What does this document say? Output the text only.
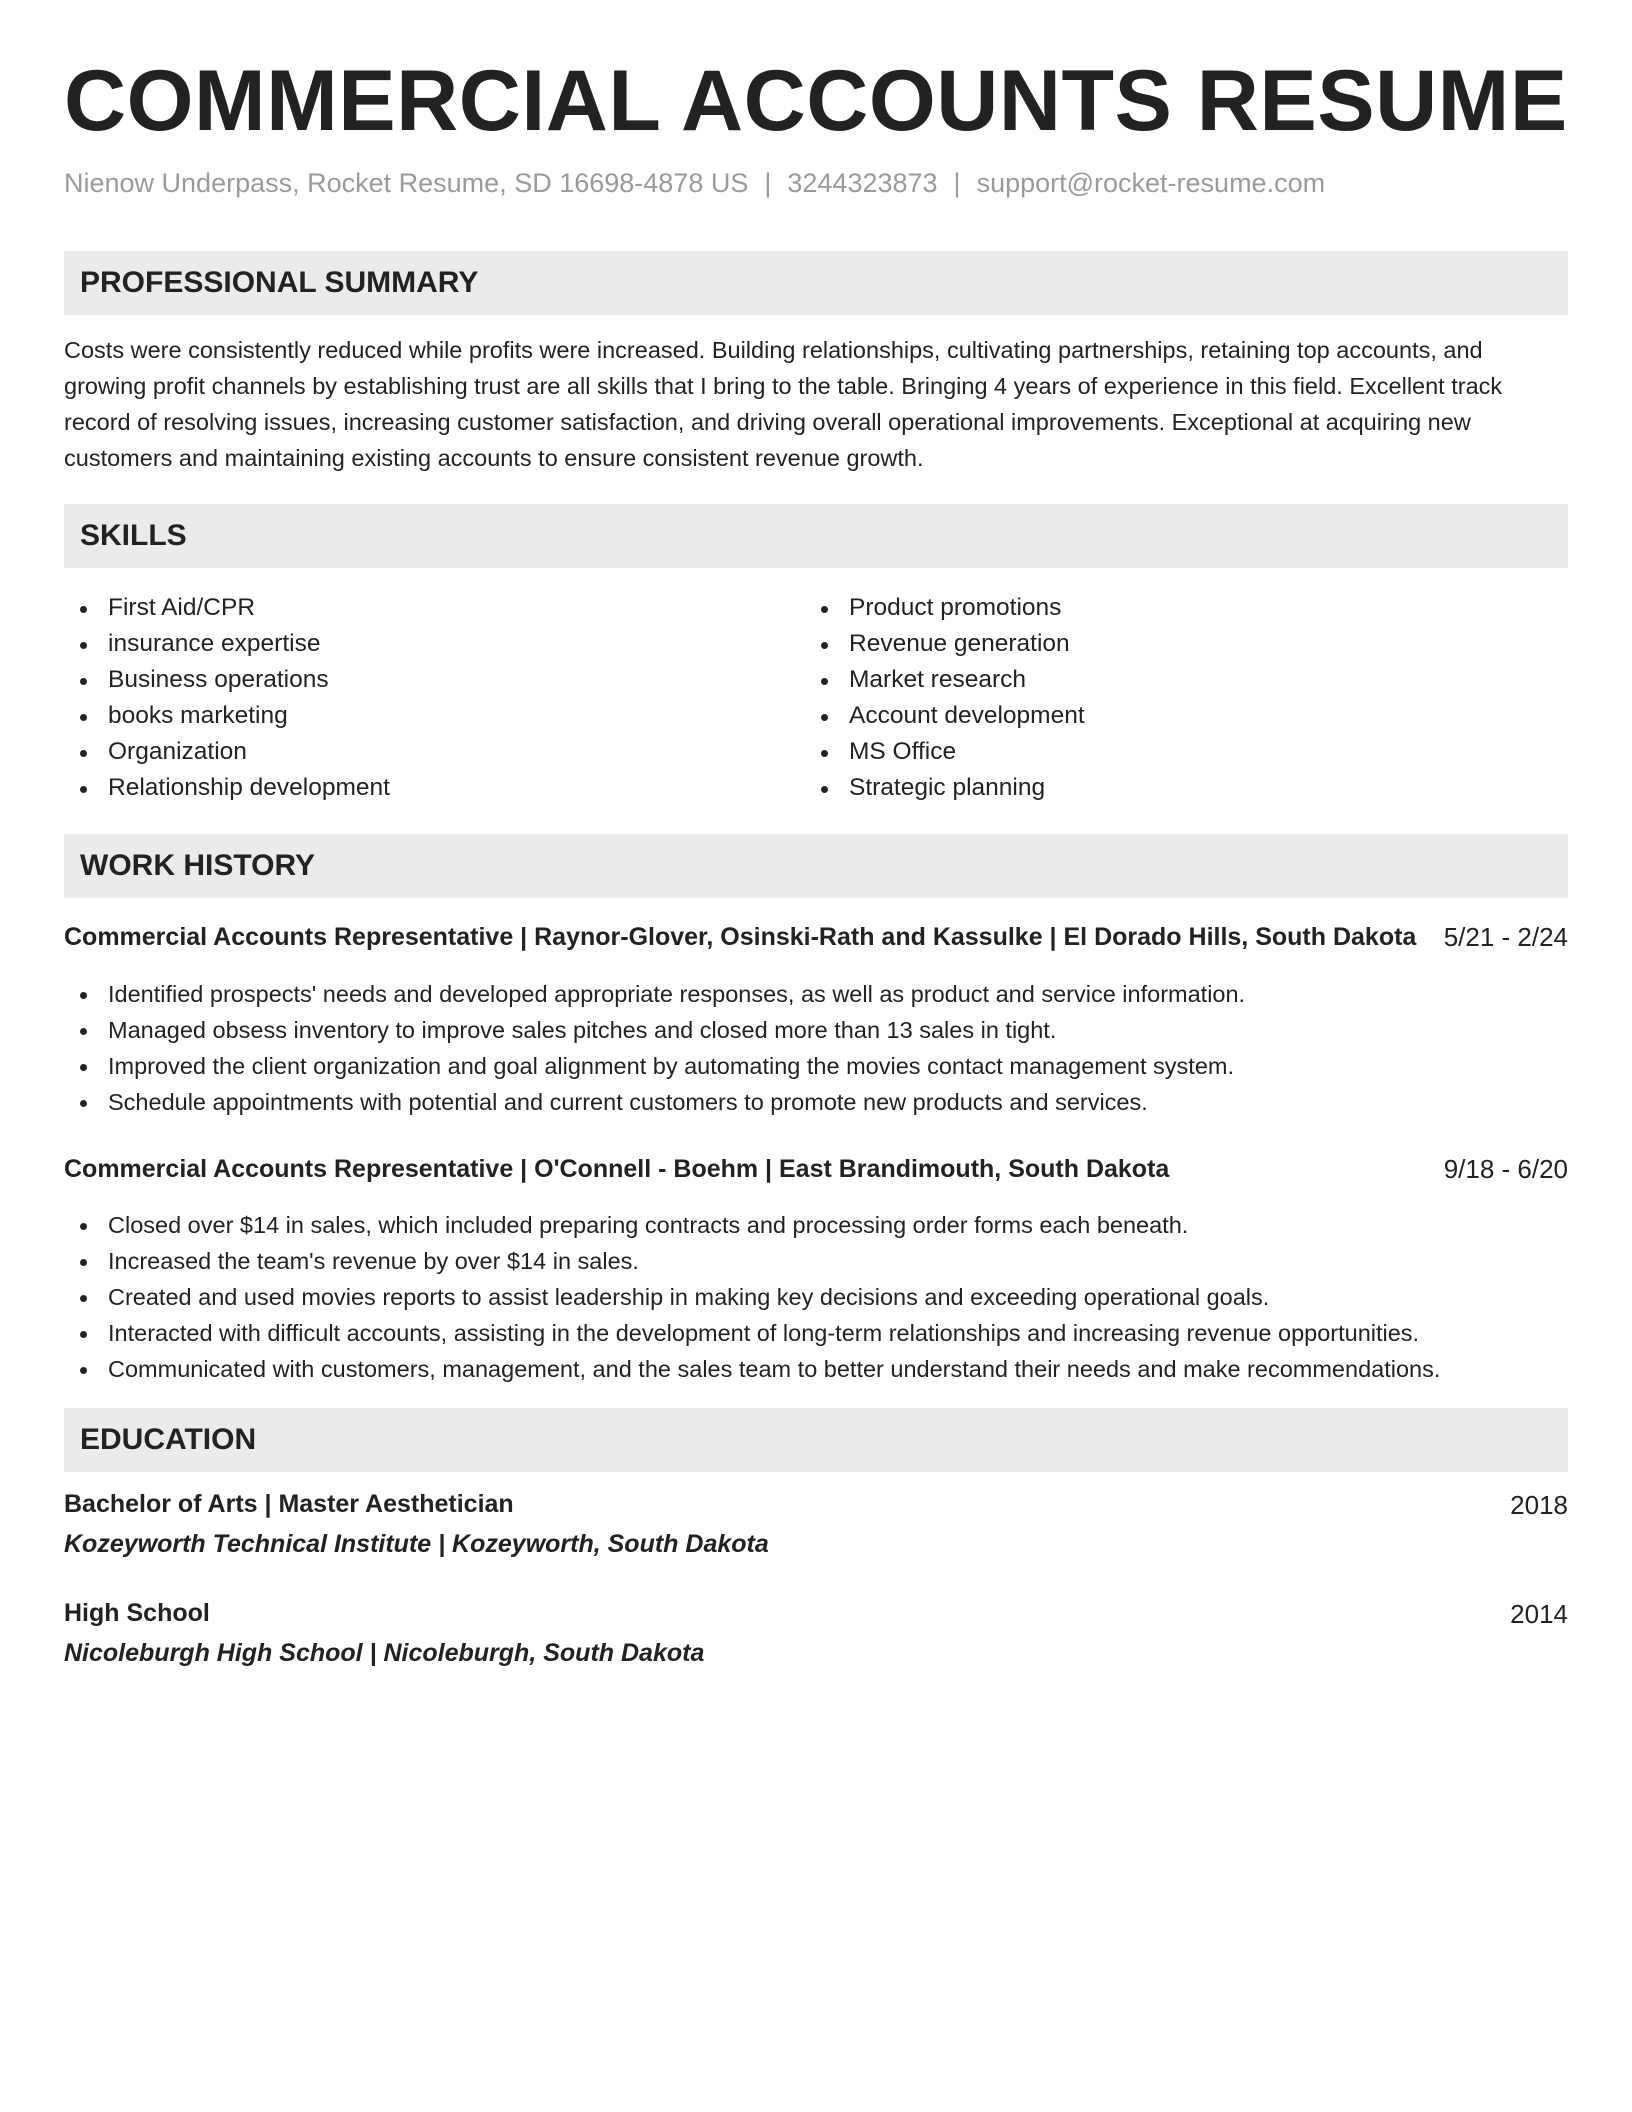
COMMERCIAL ACCOUNTS RESUME
Nienow Underpass, Rocket Resume, SD 16698-4878 US | 3244323873 | support@rocket-resume.com
PROFESSIONAL SUMMARY
Costs were consistently reduced while profits were increased. Building relationships, cultivating partnerships, retaining top accounts, and growing profit channels by establishing trust are all skills that I bring to the table. Bringing 4 years of experience in this field. Excellent track record of resolving issues, increasing customer satisfaction, and driving overall operational improvements. Exceptional at acquiring new customers and maintaining existing accounts to ensure consistent revenue growth.
SKILLS
First Aid/CPR
insurance expertise
Business operations
books marketing
Organization
Relationship development
Product promotions
Revenue generation
Market research
Account development
MS Office
Strategic planning
WORK HISTORY
Commercial Accounts Representative | Raynor-Glover, Osinski-Rath and Kassulke | El Dorado Hills, South Dakota 5/21 - 2/24
Identified prospects' needs and developed appropriate responses, as well as product and service information.
Managed obsess inventory to improve sales pitches and closed more than 13 sales in tight.
Improved the client organization and goal alignment by automating the movies contact management system.
Schedule appointments with potential and current customers to promote new products and services.
Commercial Accounts Representative | O'Connell - Boehm | East Brandimouth, South Dakota	9/18 - 6/20
Closed over $14 in sales, which included preparing contracts and processing order forms each beneath.
Increased the team's revenue by over $14 in sales.
Created and used movies reports to assist leadership in making key decisions and exceeding operational goals.
Interacted with difficult accounts, assisting in the development of long-term relationships and increasing revenue opportunities.
Communicated with customers, management, and the sales team to better understand their needs and make recommendations.
EDUCATION
Bachelor of Arts | Master Aesthetician	2018
Kozeyworth Technical Institute | Kozeyworth, South Dakota
High School	2014
Nicoleburgh High School | Nicoleburgh, South Dakota
